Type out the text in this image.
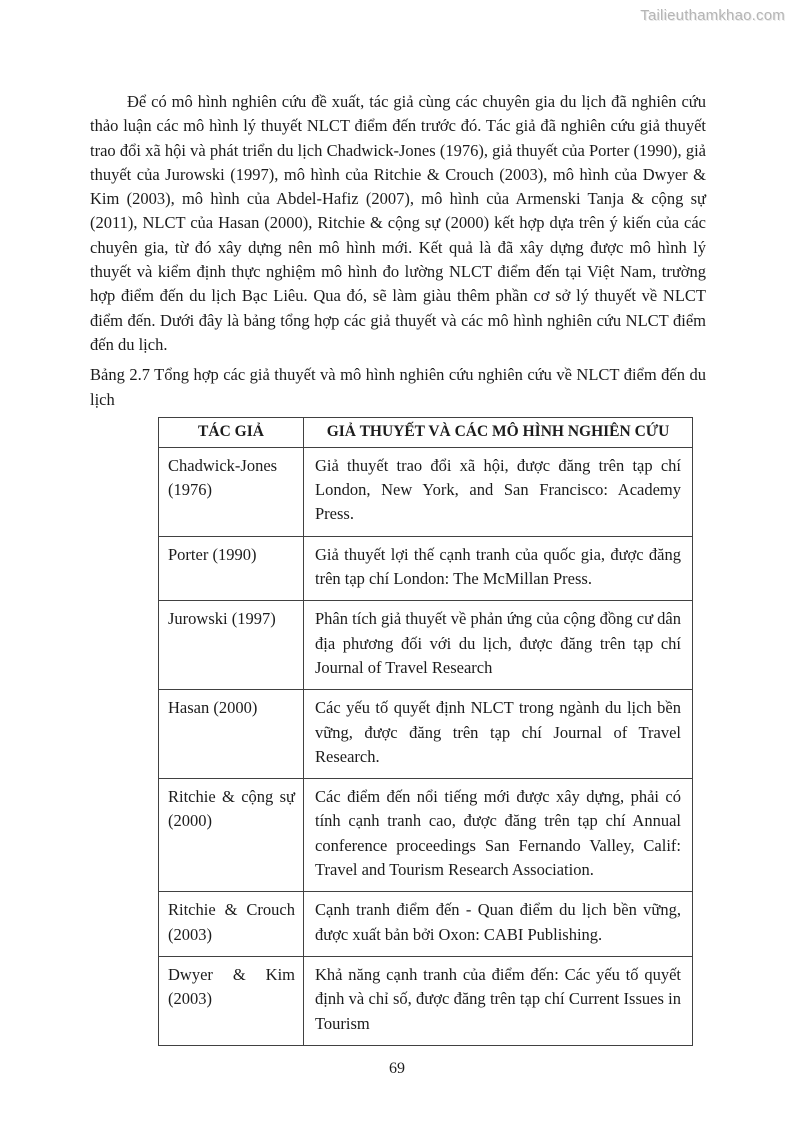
Tailieuthamkhao.com

Để có mô hình nghiên cứu đề xuất, tác giả cùng các chuyên gia du lịch đã nghiên cứu thảo luận các mô hình lý thuyết NLCT điểm đến trước đó. Tác giả đã nghiên cứu giả thuyết trao đổi xã hội và phát triển du lịch Chadwick-Jones (1976), giả thuyết của Porter (1990), giả thuyết của Jurowski (1997), mô hình của Ritchie & Crouch (2003), mô hình của Dwyer & Kim (2003), mô hình của Abdel-Hafiz (2007), mô hình của Armenski Tanja & cộng sự (2011), NLCT của Hasan (2000), Ritchie & cộng sự (2000) kết hợp dựa trên ý kiến của các chuyên gia, từ đó xây dựng nên mô hình mới. Kết quả là đã xây dựng được mô hình lý thuyết và kiểm định thực nghiệm mô hình đo lường NLCT điểm đến tại Việt Nam, trường hợp điểm đến du lịch Bạc Liêu. Qua đó, sẽ làm giàu thêm phần cơ sở lý thuyết về NLCT điểm đến. Dưới đây là bảng tổng hợp các giả thuyết và các mô hình nghiên cứu NLCT điểm đến du lịch.

Bảng 2.7 Tổng hợp các giả thuyết và mô hình nghiên cứu nghiên cứu về NLCT điểm đến du lịch

TÁC GIẢ	GIẢ THUYẾT VÀ CÁC MÔ HÌNH NGHIÊN CỨU
Chadwick-Jones (1976)	Giả thuyết trao đổi xã hội, được đăng trên tạp chí London, New York, and San Francisco: Academy Press.
Porter (1990)	Giả thuyết lợi thế cạnh tranh của quốc gia, được đăng trên tạp chí London: The McMillan Press.
Jurowski (1997)	Phân tích giả thuyết về phản ứng của cộng đồng cư dân địa phương đối với du lịch, được đăng trên tạp chí Journal of Travel Research
Hasan (2000)	Các yếu tố quyết định NLCT trong ngành du lịch bền vững, được đăng trên tạp chí Journal of Travel Research.
Ritchie & cộng sự (2000)	Các điểm đến nổi tiếng mới được xây dựng, phải có tính cạnh tranh cao, được đăng trên tạp chí Annual conference proceedings San Fernando Valley, Calif: Travel and Tourism Research Association.
Ritchie & Crouch (2003)	Cạnh tranh điểm đến - Quan điểm du lịch bền vững, được xuất bản bởi Oxon: CABI Publishing.
Dwyer & Kim (2003)	Khả năng cạnh tranh của điểm đến: Các yếu tố quyết định và chỉ số, được đăng trên tạp chí Current Issues in Tourism
69
